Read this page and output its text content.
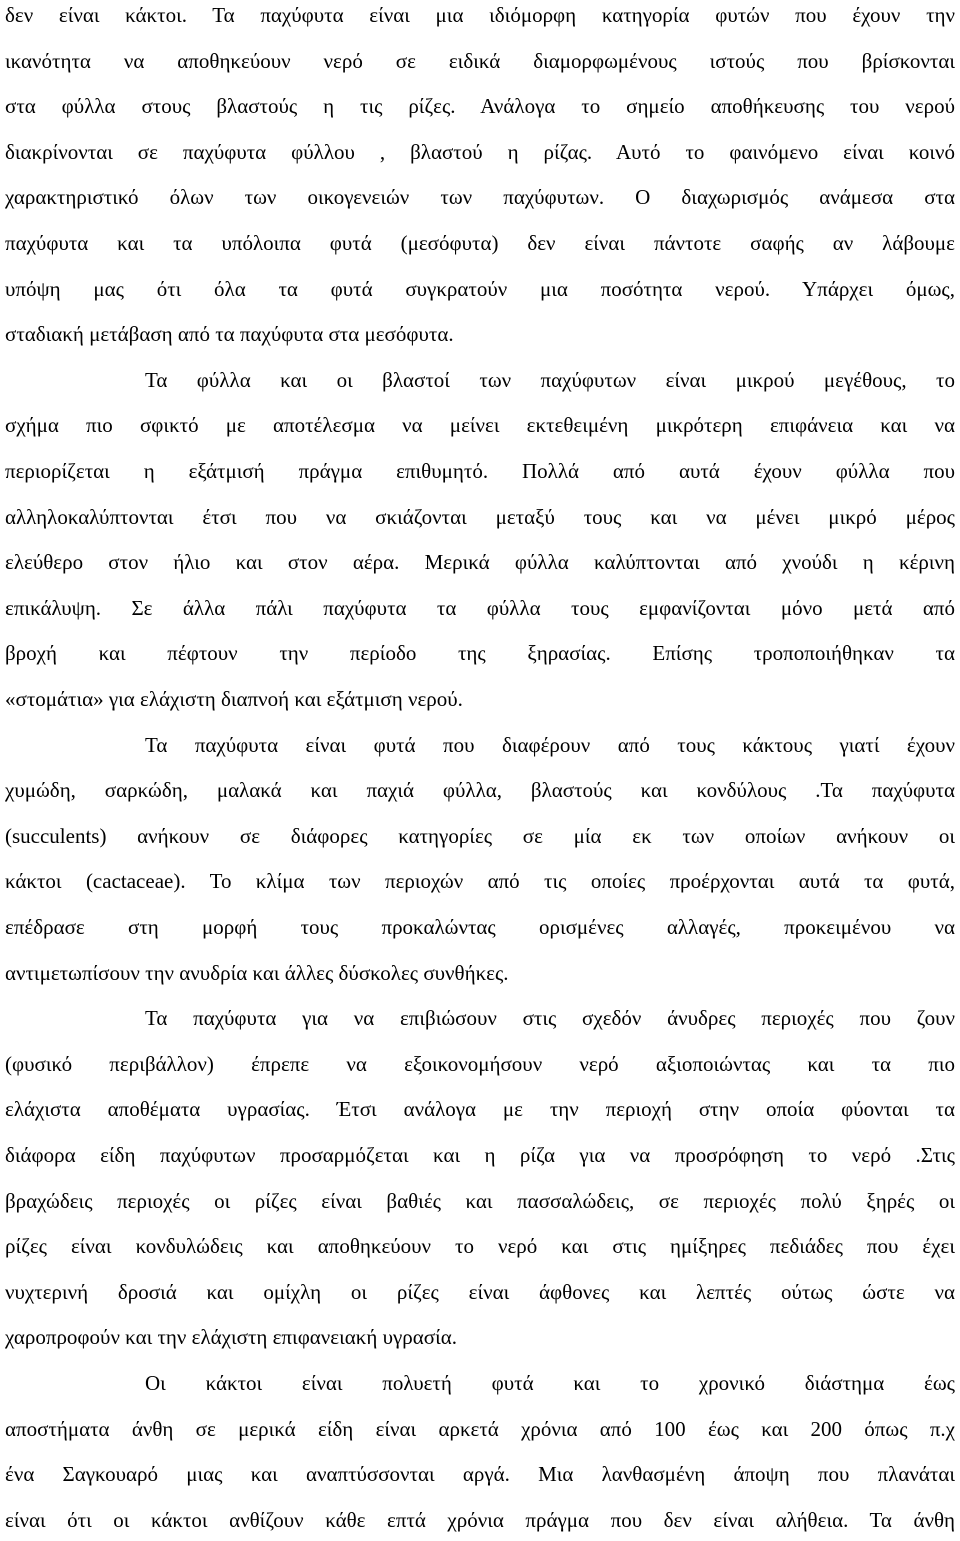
δεν είναι κάκτοι. Τα παχύφυτα είναι μια ιδιόμορφη κατηγορία φυτών που έχουν την
ικανότητα να αποθηκεύουν νερό σε ειδικά διαμορφωμένους ιστούς που βρίσκονται
στα φύλλα στους βλαστούς η τις ρίζες. Ανάλογα το σημείο αποθήκευσης του νερού
διακρίνονται σε παχύφυτα φύλλου , βλαστού η ρίζας. Αυτό το φαινόμενο είναι κοινό
χαρακτηριστικό όλων των οικογενειών των παχύφυτων. Ο διαχωρισμός ανάμεσα στα
παχύφυτα και τα υπόλοιπα φυτά (μεσόφυτα) δεν είναι πάντοτε σαφής αν λάβουμε
υπόψη μας ότι όλα τα φυτά συγκρατούν μια ποσότητα νερού. Υπάρχει όμως,
σταδιακή μετάβαση από τα παχύφυτα στα μεσόφυτα.
Τα φύλλα και οι βλαστοί των παχύφυτων είναι μικρού μεγέθους, το
σχήμα πιο σφικτό με αποτέλεσμα να μείνει εκτεθειμένη μικρότερη επιφάνεια και να
περιορίζεται η εξάτμισή πράγμα επιθυμητό. Πολλά από αυτά έχουν φύλλα που
αλληλοκαλύπτονται έτσι που να σκιάζονται μεταξύ τους και να μένει μικρό μέρος
ελεύθερο στον ήλιο και στον αέρα. Μερικά φύλλα καλύπτονται από χνούδι η κέρινη
επικάλυψη. Σε άλλα πάλι παχύφυτα τα φύλλα τους εμφανίζονται μόνο μετά από
βροχή και πέφτουν την περίοδο της ξηρασίας. Επίσης τροποποιήθηκαν τα
«στομάτια» για ελάχιστη διαπνοή και εξάτμιση νερού.
Τα παχύφυτα είναι φυτά που διαφέρουν από τους κάκτους γιατί έχουν
χυμώδη, σαρκώδη, μαλακά και παχιά φύλλα, βλαστούς και κονδύλους .Τα παχύφυτα
(succulents) ανήκουν σε διάφορες κατηγορίες σε μία εκ των οποίων ανήκουν οι
κάκτοι (cactaceae). Το κλίμα των περιοχών από τις οποίες προέρχονται αυτά τα φυτά,
επέδρασε στη μορφή τους προκαλώντας ορισμένες αλλαγές, προκειμένου να
αντιμετωπίσουν την ανυδρία και άλλες δύσκολες συνθήκες.
Τα παχύφυτα για να επιβιώσουν στις σχεδόν άνυδρες περιοχές που ζουν
(φυσικό περιβάλλον) έπρεπε να εξοικονομήσουν νερό αξιοποιώντας και τα πιο
ελάχιστα αποθέματα υγρασίας. Έτσι ανάλογα με την περιοχή στην οποία φύονται τα
διάφορα είδη παχύφυτων προσαρμόζεται και η ρίζα για να προσρόφηση το νερό .Στις
βραχώδεις περιοχές οι ρίζες είναι βαθιές και πασσαλώδεις, σε περιοχές πολύ ξηρές οι
ρίζες είναι κονδυλώδεις και αποθηκεύουν το νερό και στις ημίξηρες πεδιάδες που έχει
νυχτερινή δροσιά και ομίχλη οι ρίζες είναι άφθονες και λεπτές ούτως ώστε να
χαροπροφούν και την ελάχιστη επιφανειακή υγρασία.
Οι κάκτοι είναι πολυετή φυτά και το χρονικό διάστημα έως
αποστήματα άνθη σε μερικά είδη είναι αρκετά χρόνια από 100 έως και 200 όπως π.χ
ένα Σαγκουαρό μιας και αναπτύσσονται αργά. Μια λανθασμένη άποψη που πλανάται
είναι ότι οι κάκτοι ανθίζουν κάθε επτά χρόνια πράγμα που δεν είναι αλήθεια. Τα άνθη
